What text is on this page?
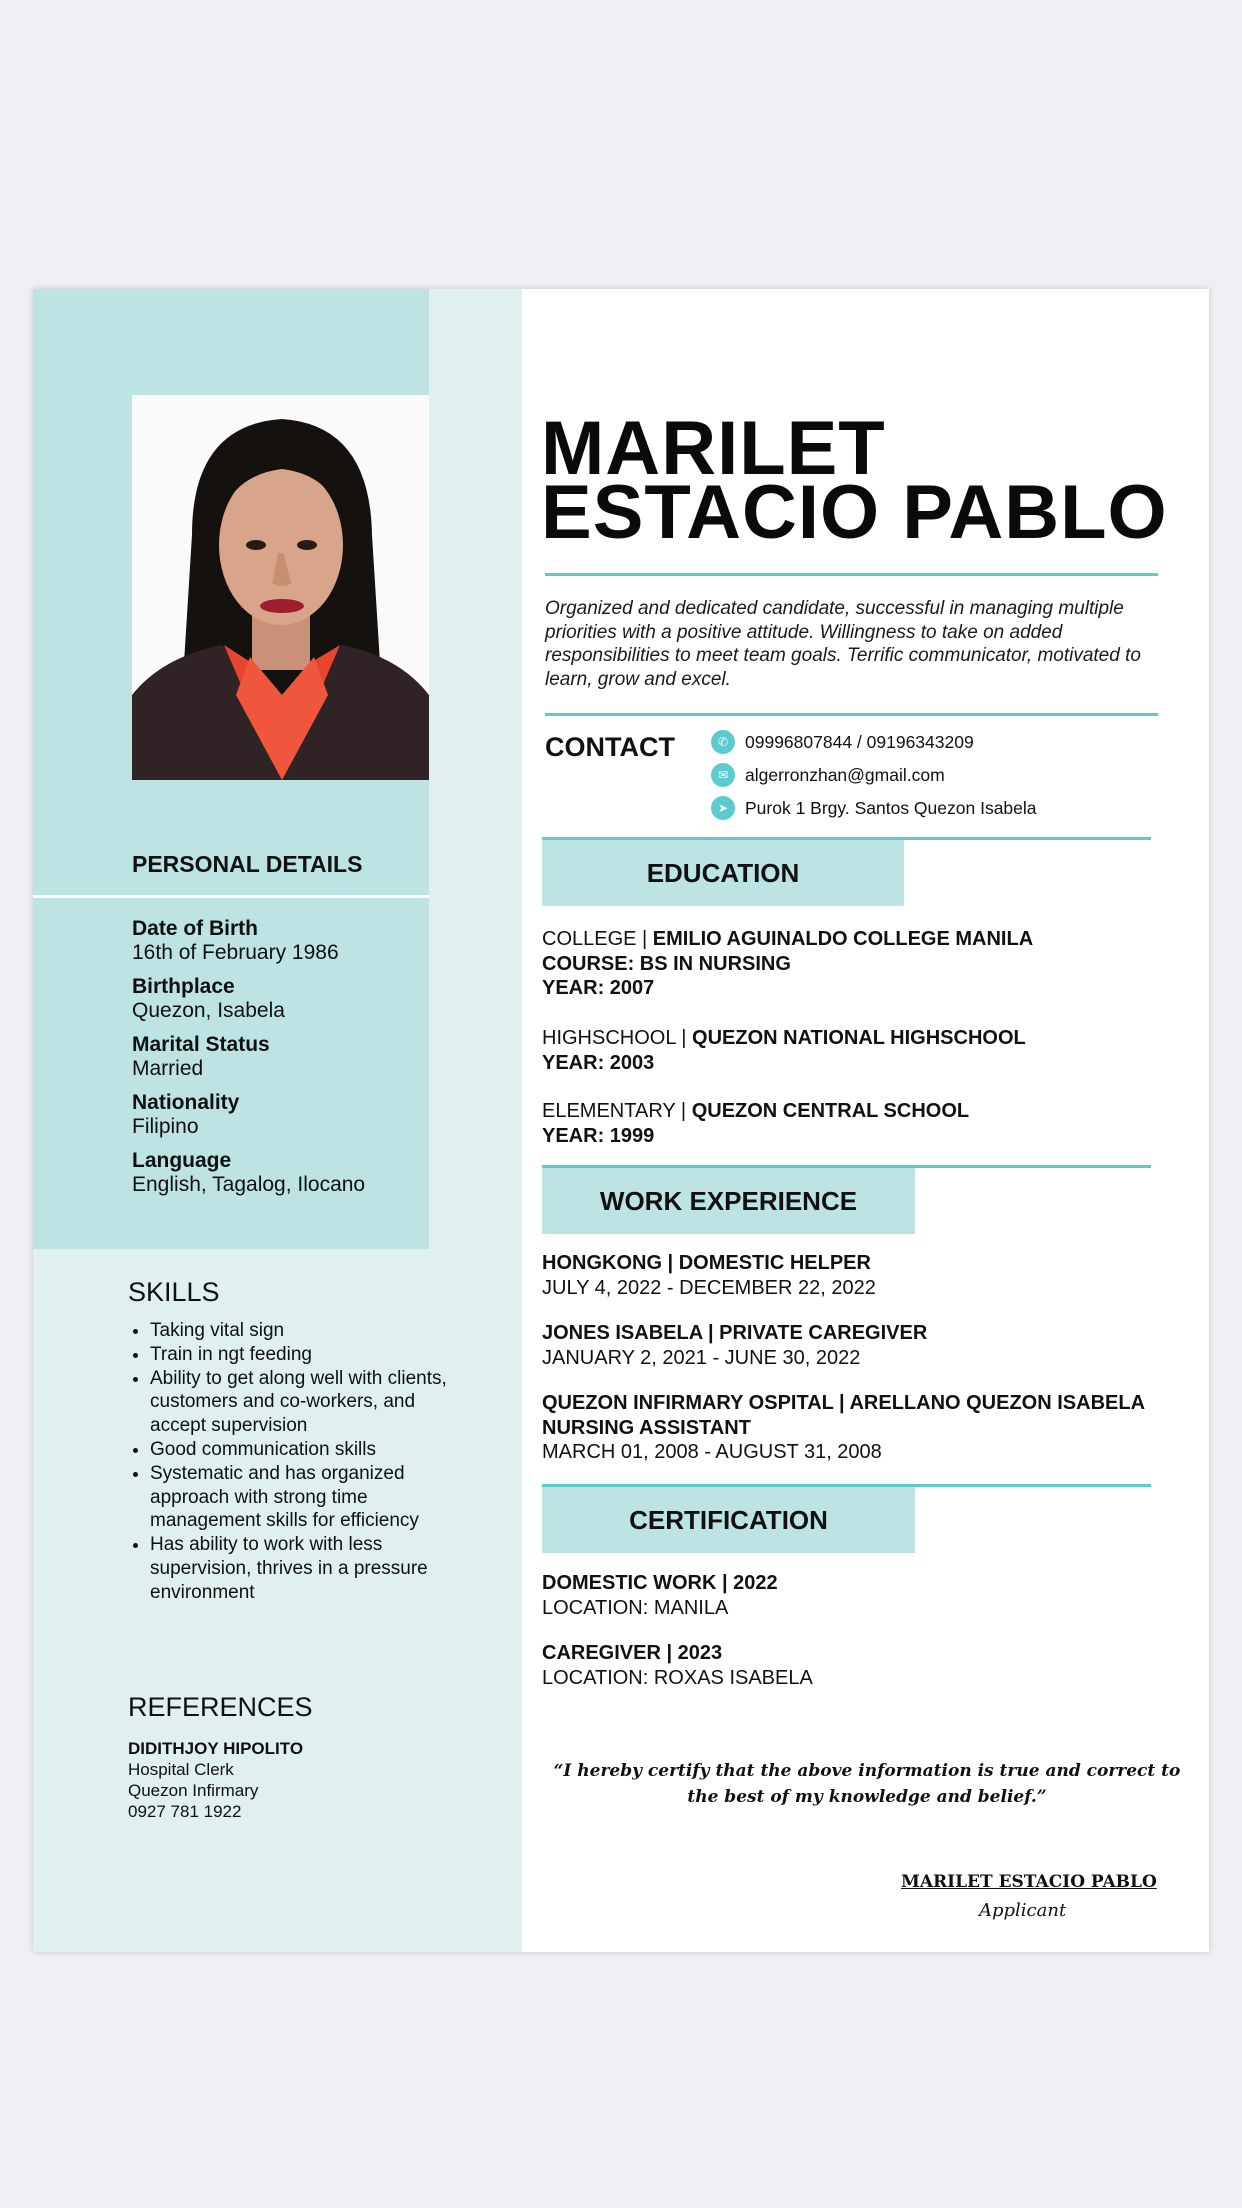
PERSONAL DETAILS
Date of Birth
16th of February 1986
Birthplace
Quezon, Isabela
Marital Status
Married
Nationality
Filipino
Language
English, Tagalog, Ilocano
SKILLS
• Taking vital sign
• Train in ngt feeding
• Ability to get along well with clients, customers and co-workers, and accept supervision
• Good communication skills
• Systematic and has organized approach with strong time management skills for efficiency
• Has ability to work with less supervision, thrives in a pressure environment
REFERENCES
DIDITHJOY HIPOLITO
Hospital Clerk
Quezon Infirmary
0927 781 1922
MARILET
ESTACIO PABLO
Organized and dedicated candidate, successful in managing multiple priorities with a positive attitude. Willingness to take on added responsibilities to meet team goals. Terrific communicator, motivated to learn, grow and excel.
CONTACT	✆ 09996807844 / 09196343209
✉ algerronzhan@gmail.com
➤ Purok 1 Brgy. Santos Quezon Isabela
EDUCATION
COLLEGE | EMILIO AGUINALDO COLLEGE MANILA
COURSE: BS IN NURSING
YEAR: 2007
HIGHSCHOOL | QUEZON NATIONAL HIGHSCHOOL
YEAR: 2003
ELEMENTARY | QUEZON CENTRAL SCHOOL
YEAR: 1999
WORK EXPERIENCE
HONGKONG | DOMESTIC HELPER
JULY 4, 2022 - DECEMBER 22, 2022
JONES ISABELA | PRIVATE CAREGIVER
JANUARY 2, 2021 - JUNE 30, 2022
QUEZON INFIRMARY OSPITAL | ARELLANO QUEZON ISABELA
NURSING ASSISTANT
MARCH 01, 2008 - AUGUST 31, 2008
CERTIFICATION
DOMESTIC WORK | 2022
LOCATION: MANILA
CAREGIVER | 2023
LOCATION: ROXAS ISABELA
“I hereby certify that the above information is true and correct to the best of my knowledge and belief.”
MARILET ESTACIO PABLO
Applicant
